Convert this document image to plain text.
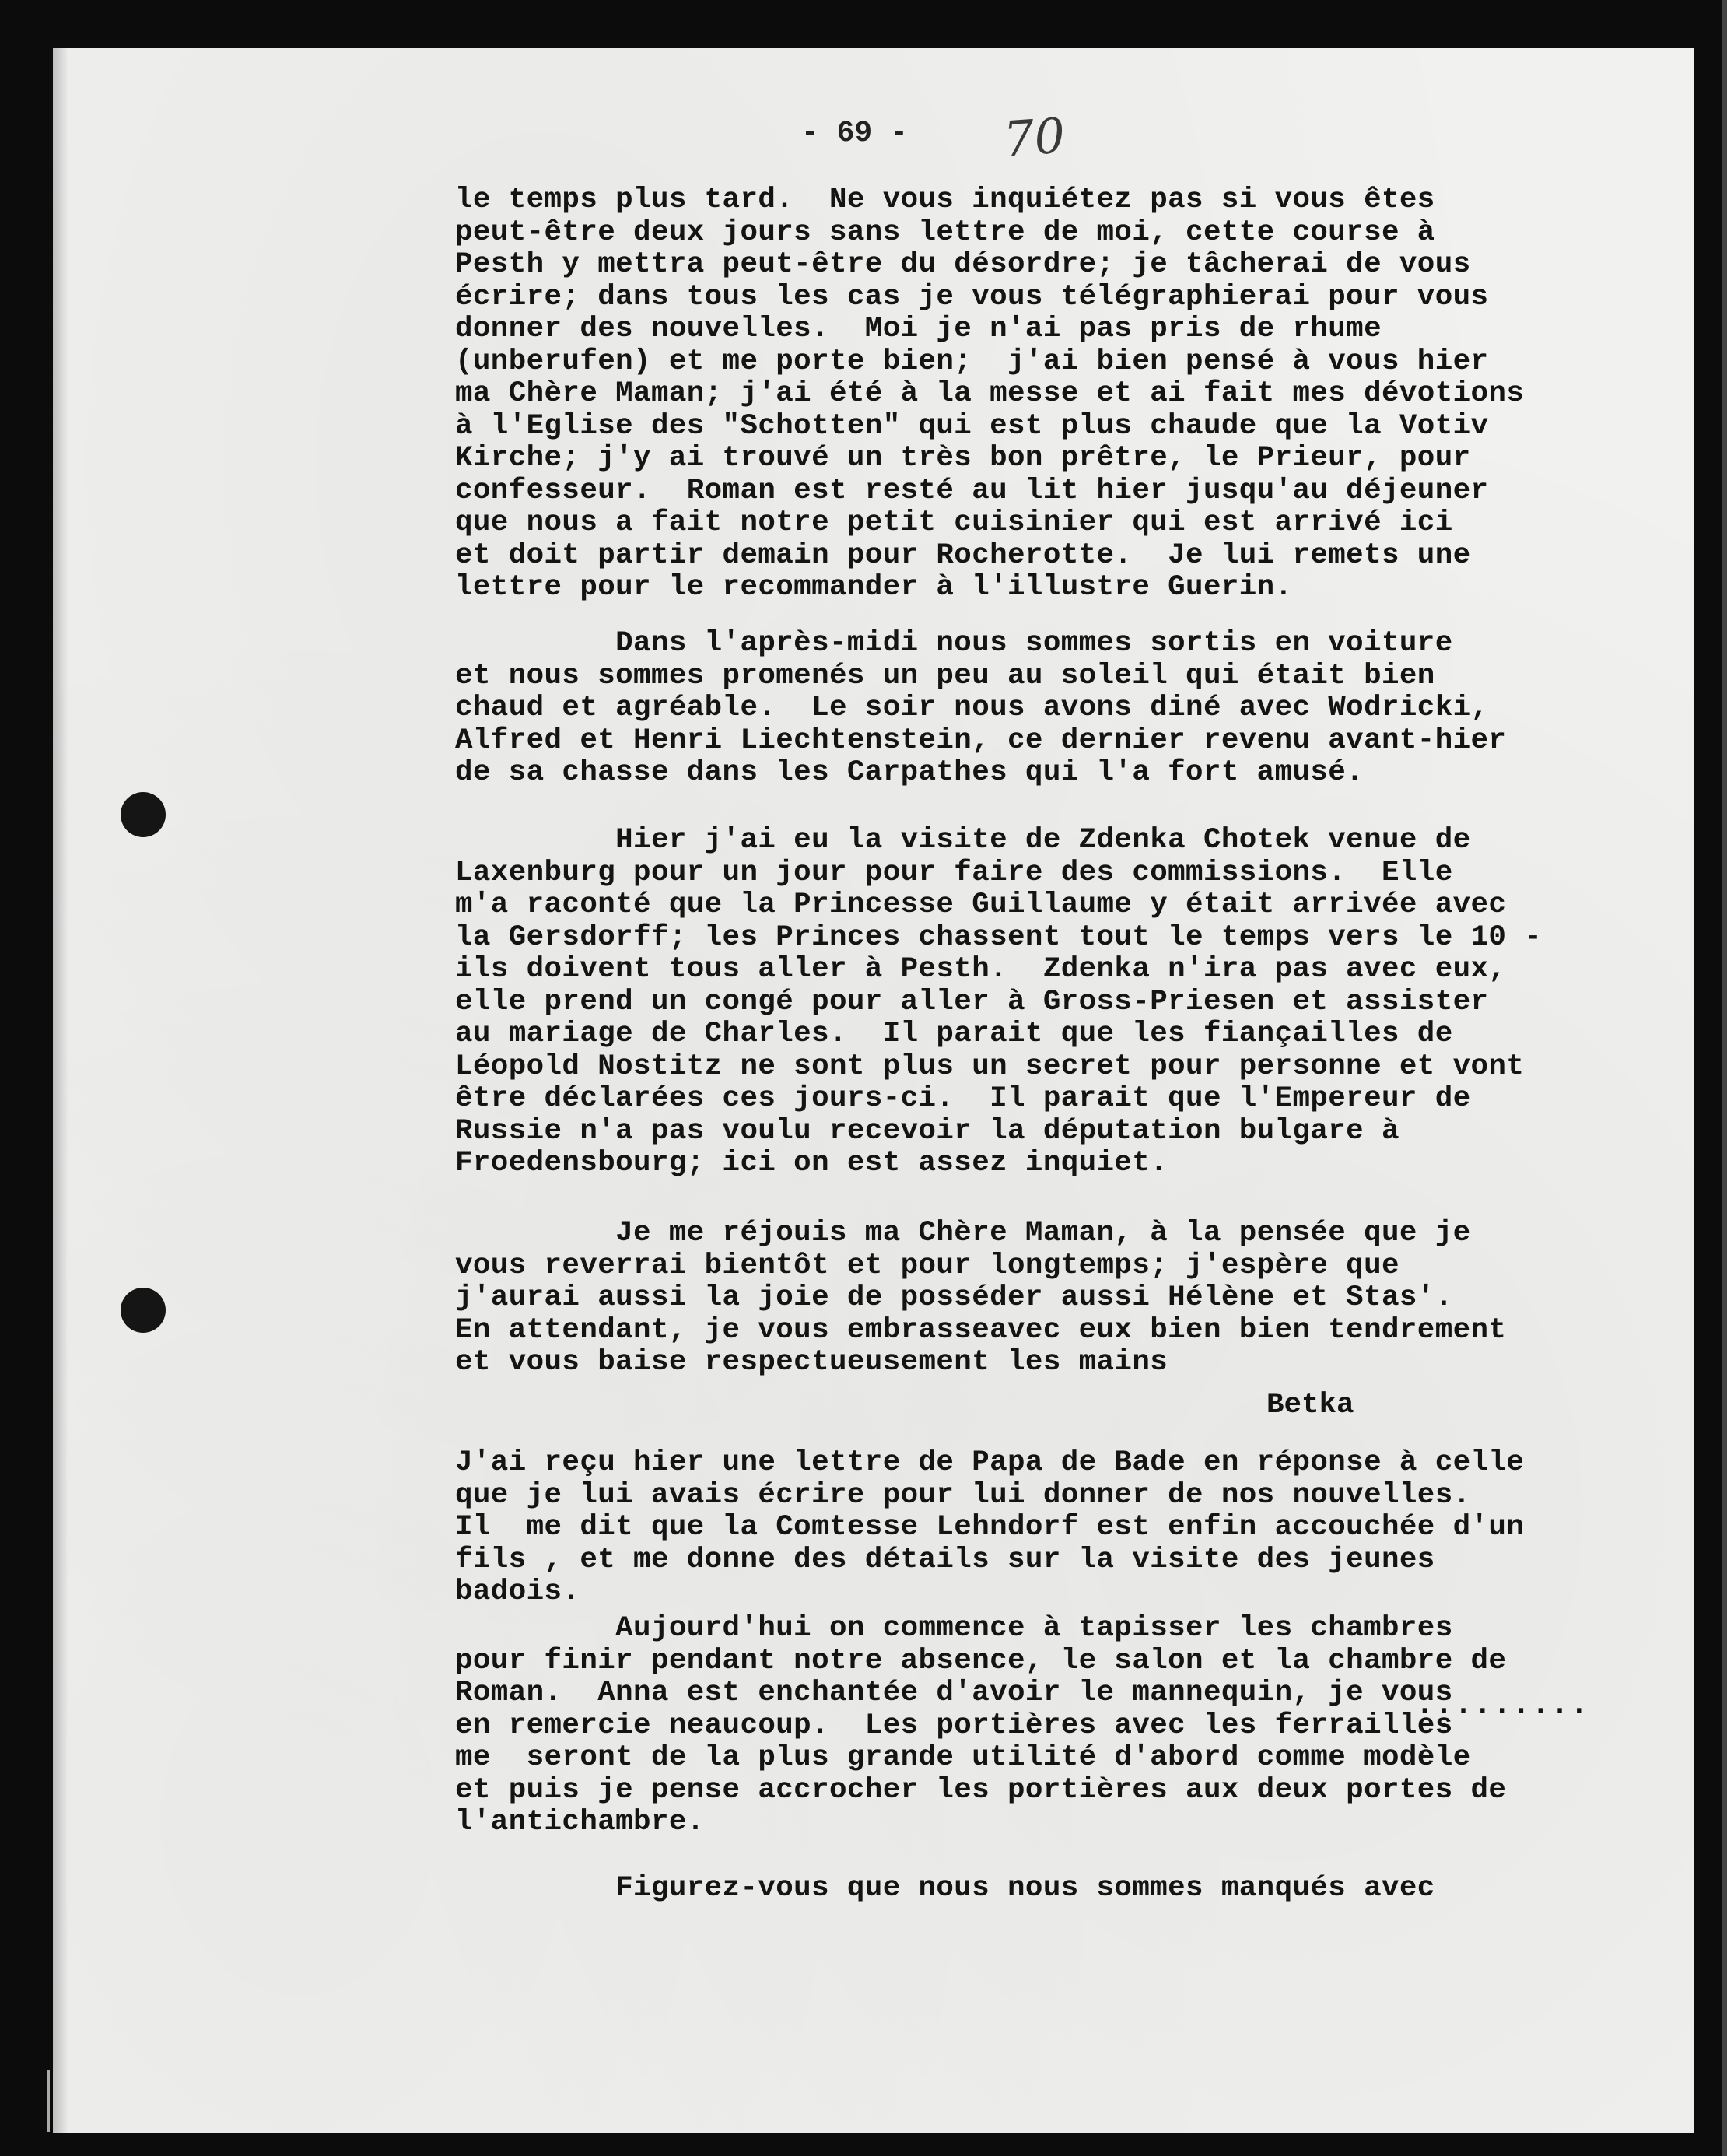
- 69 - 70
le temps plus tard.  Ne vous inquiétez pas si vous êtes
peut-être deux jours sans lettre de moi, cette course à
Pesth y mettra peut-être du désordre; je tâcherai de vous
écrire; dans tous les cas je vous télégraphierai pour vous
donner des nouvelles.  Moi je n'ai pas pris de rhume
(unberufen) et me porte bien;  j'ai bien pensé à vous hier
ma Chère Maman; j'ai été à la messe et ai fait mes dévotions
à l'Eglise des "Schotten" qui est plus chaude que la Votiv
Kirche; j'y ai trouvé un très bon prêtre, le Prieur, pour
confesseur.  Roman est resté au lit hier jusqu'au déjeuner
que nous a fait notre petit cuisinier qui est arrivé ici
et doit partir demain pour Rocherotte.  Je lui remets une
lettre pour le recommander à l'illustre Guerin.
Dans l'après-midi nous sommes sortis en voiture
et nous sommes promenés un peu au soleil qui était bien
chaud et agréable.  Le soir nous avons diné avec Wodricki,
Alfred et Henri Liechtenstein, ce dernier revenu avant-hier
de sa chasse dans les Carpathes qui l'a fort amusé.
Hier j'ai eu la visite de Zdenka Chotek venue de
Laxenburg pour un jour pour faire des commissions.  Elle
m'a raconté que la Princesse Guillaume y était arrivée avec
la Gersdorff; les Princes chassent tout le temps vers le 10 -
ils doivent tous aller à Pesth.  Zdenka n'ira pas avec eux,
elle prend un congé pour aller à Gross-Priesen et assister
au mariage de Charles.  Il parait que les fiançailles de
Léopold Nostitz ne sont plus un secret pour personne et vont
être déclarées ces jours-ci.  Il parait que l'Empereur de
Russie n'a pas voulu recevoir la députation bulgare à
Froedensbourg; ici on est assez inquiet.
Je me réjouis ma Chère Maman, à la pensée que je
vous reverrai bientôt et pour longtemps; j'espère que
j'aurai aussi la joie de posséder aussi Hélène et Stas'.
En attendant, je vous embrasseavec eux bien bien tendrement
et vous baise respectueusement les mains
J'ai reçu hier une lettre de Papa de Bade en réponse à celle
que je lui avais écrire pour lui donner de nos nouvelles.
Il  me dit que la Comtesse Lehndorf est enfin accouchée d'un
fils , et me donne des détails sur la visite des jeunes
badois.
Aujourd'hui on commence à tapisser les chambres
pour finir pendant notre absence, le salon et la chambre de
Roman.  Anna est enchantée d'avoir le mannequin, je vous
en remercie neaucoup.  Les portières avec les ferrailles
me  seront de la plus grande utilité d'abord comme modèle
et puis je pense accrocher les portières aux deux portes de
l'antichambre.
Figurez-vous que nous nous sommes manqués avec
Betka
.........
